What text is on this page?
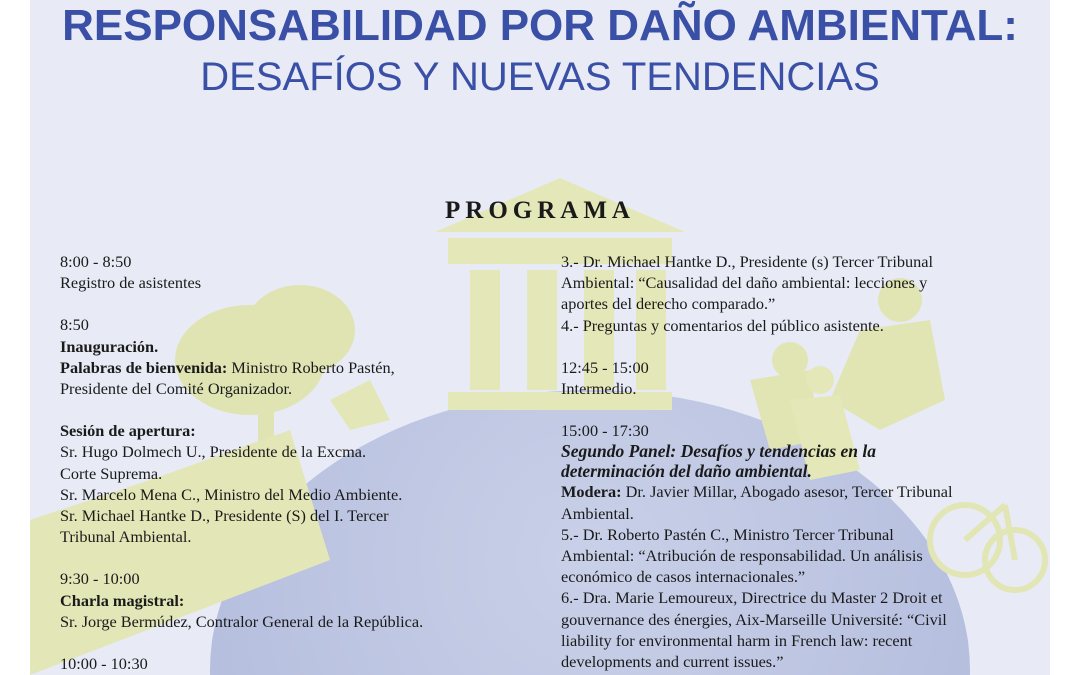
RESPONSABILIDAD POR DAÑO AMBIENTAL:
DESAFÍOS Y NUEVAS TENDENCIAS
PROGRAMA

8:00 - 8:50

Registro de asistentes

8:50

Inauguración.

Palabras de bienvenida: Ministro Roberto Pastén,

Presidente del Comité Organizador.

Sesión de apertura:

Sr. Hugo Dolmech U., Presidente de la Excma.

Corte Suprema.

Sr. Marcelo Mena C., Ministro del Medio Ambiente.

Sr. Michael Hantke D., Presidente (S) del I. Tercer

Tribunal Ambiental.

9:30 - 10:00

Charla magistral:

Sr. Jorge Bermúdez, Contralor General de la República.

10:00 - 10:30

3.- Dr. Michael Hantke D., Presidente (s) Tercer Tribunal

Ambiental: “Causalidad del daño ambiental: lecciones y

aportes del derecho comparado.”

4.- Preguntas y comentarios del público asistente.

12:45 - 15:00

Intermedio.

15:00 - 17:30

Segundo Panel: Desafíos y tendencias en la

determinación del daño ambiental.

Modera: Dr. Javier Millar, Abogado asesor, Tercer Tribunal

Ambiental.

5.- Dr. Roberto Pastén C., Ministro Tercer Tribunal

Ambiental: “Atribución de responsabilidad. Un análisis

económico de casos internacionales.”

6.- Dra. Marie Lemoureux, Directrice du Master 2 Droit et

gouvernance des énergies, Aix-Marseille Université: “Civil

liability for environmental harm in French law: recent

developments and current issues.”
